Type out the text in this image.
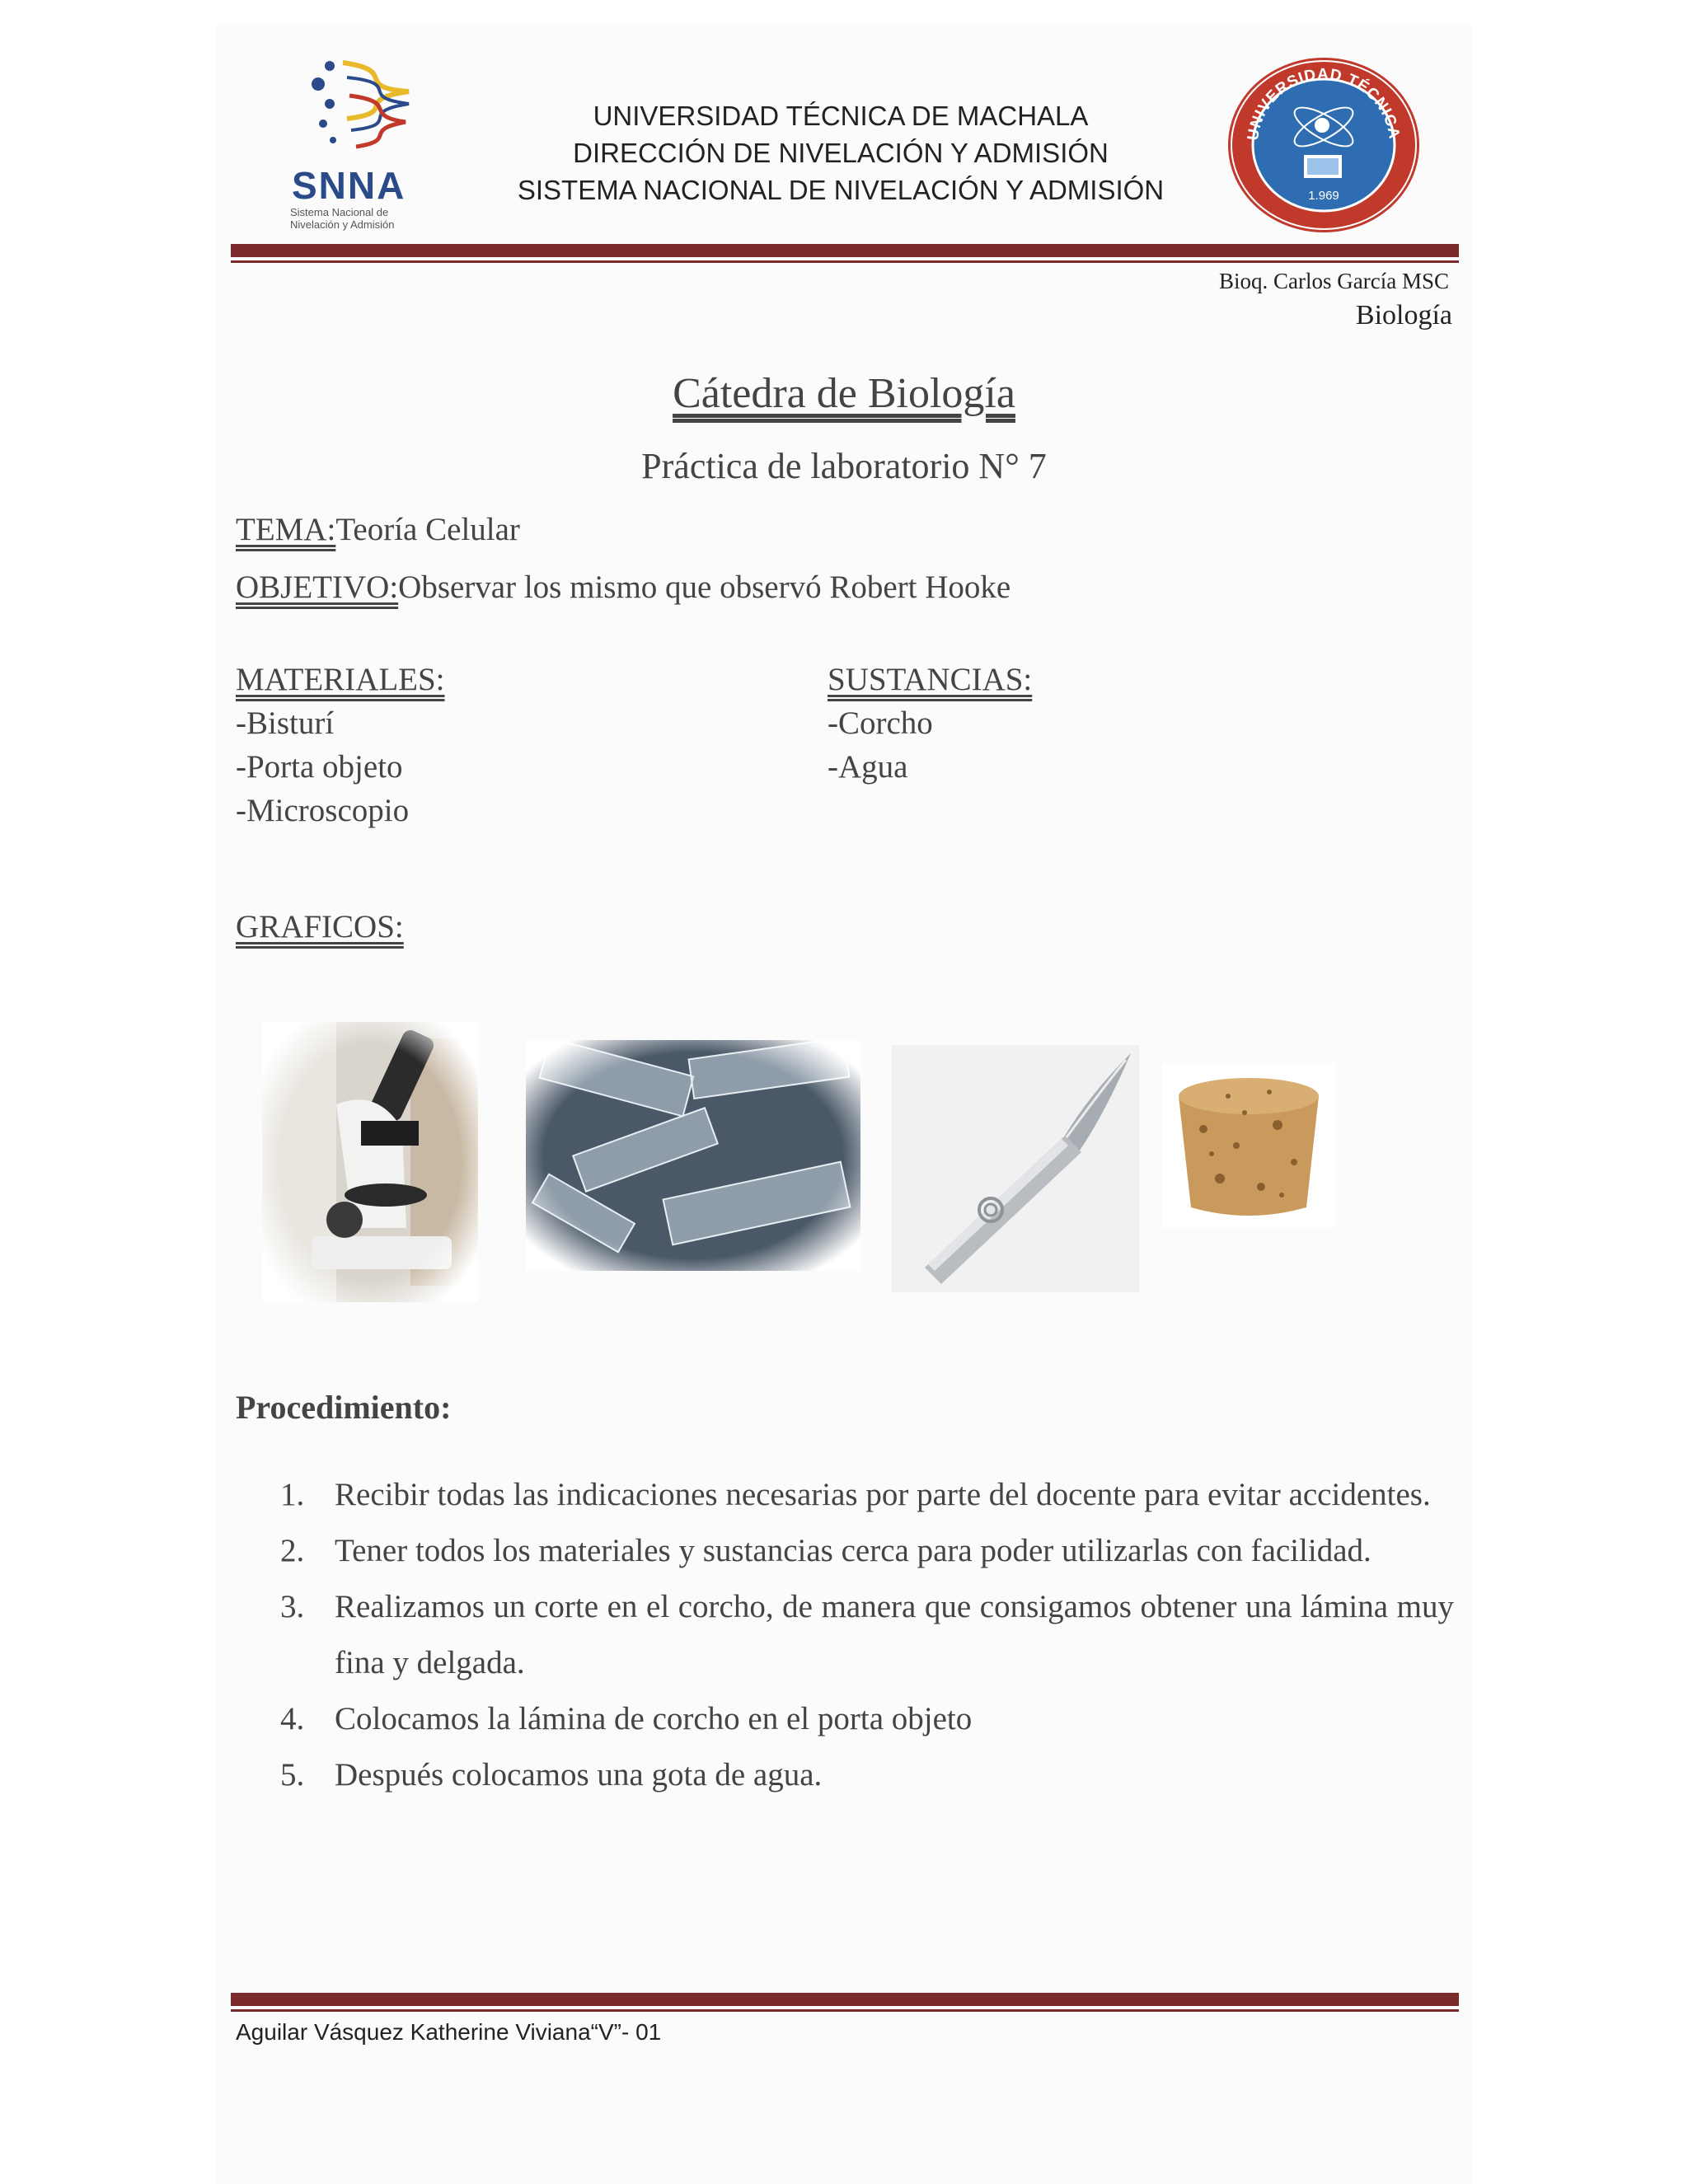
SNNA
Sistema Nacional de Nivelación y Admisión
UNIVERSIDAD TÉCNICA DE MACHALA
DIRECCIÓN DE NIVELACIÓN Y ADMISIÓN
SISTEMA NACIONAL DE NIVELACIÓN Y ADMISIÓN
UNIVERSIDAD TÉCNICA
1.969
Bioq. Carlos García MSC
Biología
Cátedra de Biología
Práctica de laboratorio N° 7
TEMA:Teoría Celular
OBJETIVO:Observar los mismo que observó Robert Hooke
MATERIALES:
-Bisturí
-Porta objeto
-Microscopio
SUSTANCIAS:
-Corcho
-Agua
GRAFICOS:
Procedimiento:
1. Recibir todas las indicaciones necesarias por parte del docente para evitar accidentes.
2. Tener todos los materiales y sustancias cerca para poder utilizarlas con facilidad.
3. Realizamos un corte en el corcho, de manera que consigamos obtener una lámina muy fina y delgada.
4. Colocamos la lámina de corcho en el porta objeto
5. Después colocamos una gota de agua.
Aguilar Vásquez Katherine Viviana“V”- 01
